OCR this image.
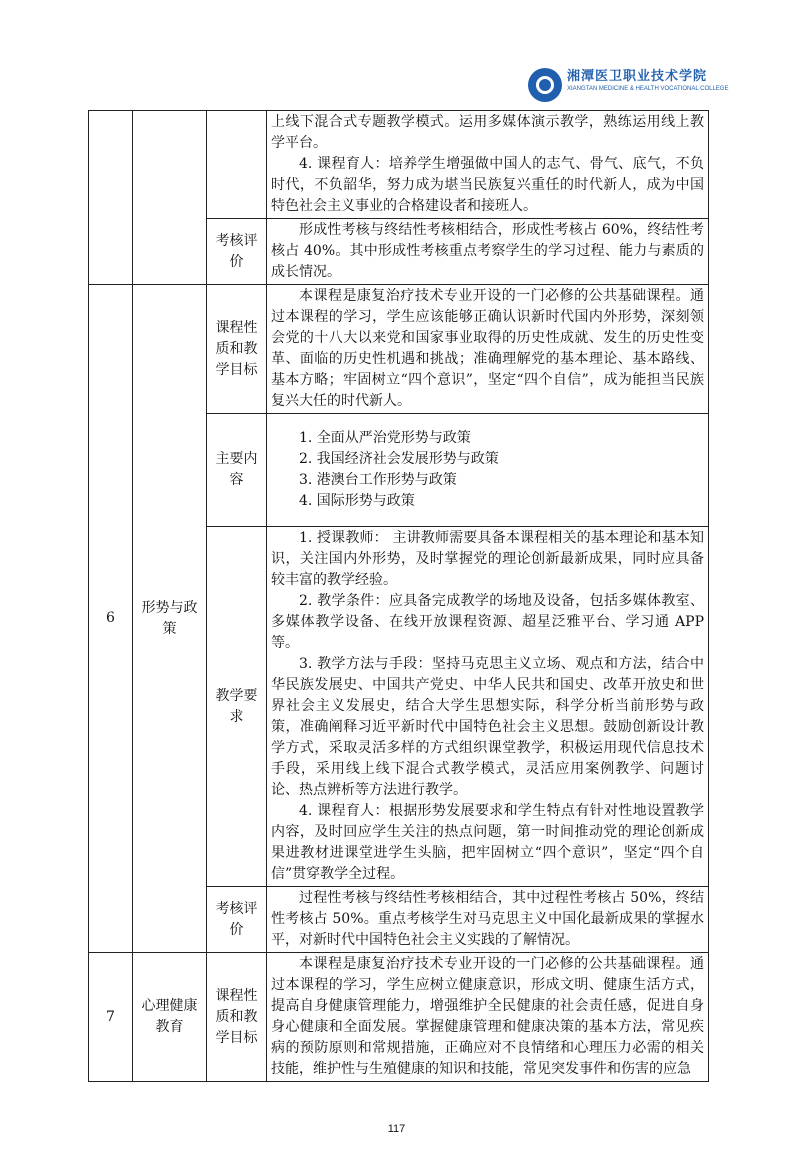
湘潭医卫职业技术学院
XIANGTAN MEDICINE & HEALTH VOCATIONAL COLLEGE

			上线下混合式专题教学模式。运用多媒体演示教学，熟练运用线上教学平台。

4. 课程育人：培养学生增强做中国人的志气、骨气、底气，不负时代，不负韶华，努力成为堪当民族复兴重任的时代新人，成为中国特色社会主义事业的合格建设者和接班人。

		考核评价	形成性考核与终结性考核相结合，形成性考核占 60%，终结性考核占 40%。其中形成性考核重点考察学生的学习过程、能力与素质的成长情况。

6	形势与政策	课程性质和教学目标	本课程是康复治疗技术专业开设的一门必修的公共基础课程。通过本课程的学习，学生应该能够正确认识新时代国内外形势，深刻领会党的十八大以来党和国家事业取得的历史性成就、发生的历史性变革、面临的历史性机遇和挑战；准确理解党的基本理论、基本路线、基本方略；牢固树立“四个意识”，坚定“四个自信”，成为能担当民族复兴大任的时代新人。

		主要内容	1. 全面从严治党形势与政策
2. 我国经济社会发展形势与政策
3. 港澳台工作形势与政策
4. 国际形势与政策

		教学要求	1. 授课教师： 主讲教师需要具备本课程相关的基本理论和基本知识，关注国内外形势，及时掌握党的理论创新最新成果，同时应具备较丰富的教学经验。

2. 教学条件：应具备完成教学的场地及设备，包括多媒体教室、多媒体教学设备、在线开放课程资源、超星泛雅平台、学习通 APP 等。

3. 教学方法与手段：坚持马克思主义立场、观点和方法，结合中华民族发展史、中国共产党史、中华人民共和国史、改革开放史和世界社会主义发展史，结合大学生思想实际，科学分析当前形势与政策，准确阐释习近平新时代中国特色社会主义思想。鼓励创新设计教学方式，采取灵活多样的方式组织课堂教学，积极运用现代信息技术手段，采用线上线下混合式教学模式，灵活应用案例教学、问题讨论、热点辨析等方法进行教学。

4. 课程育人：根据形势发展要求和学生特点有针对性地设置教学内容，及时回应学生关注的热点问题，第一时间推动党的理论创新成果进教材进课堂进学生头脑，把牢固树立“四个意识”，坚定“四个自信”贯穿教学全过程。

		考核评价	过程性考核与终结性考核相结合，其中过程性考核占 50%，终结性考核占 50%。重点考核学生对马克思主义中国化最新成果的掌握水平，对新时代中国特色社会主义实践的了解情况。

7	心理健康教育	课程性质和教学目标	本课程是康复治疗技术专业开设的一门必修的公共基础课程。通过本课程的学习，学生应树立健康意识，形成文明、健康生活方式，提高自身健康管理能力，增强维护全民健康的社会责任感，促进自身身心健康和全面发展。掌握健康管理和健康决策的基本方法，常见疾病的预防原则和常规措施，正确应对不良情绪和心理压力必需的相关技能，维护性与生殖健康的知识和技能，常见突发事件和伤害的应急

117
